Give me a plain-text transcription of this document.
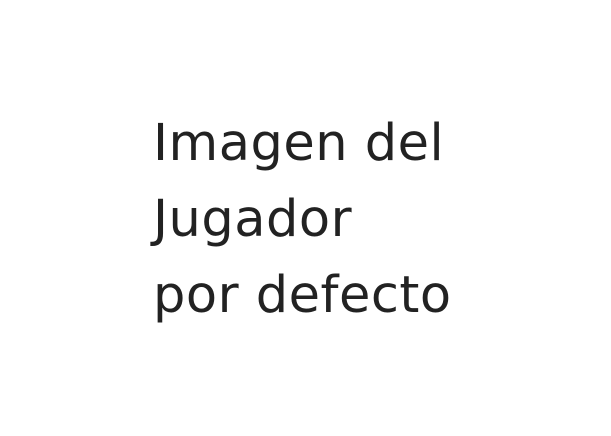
Imagen del
Jugador
por defecto
